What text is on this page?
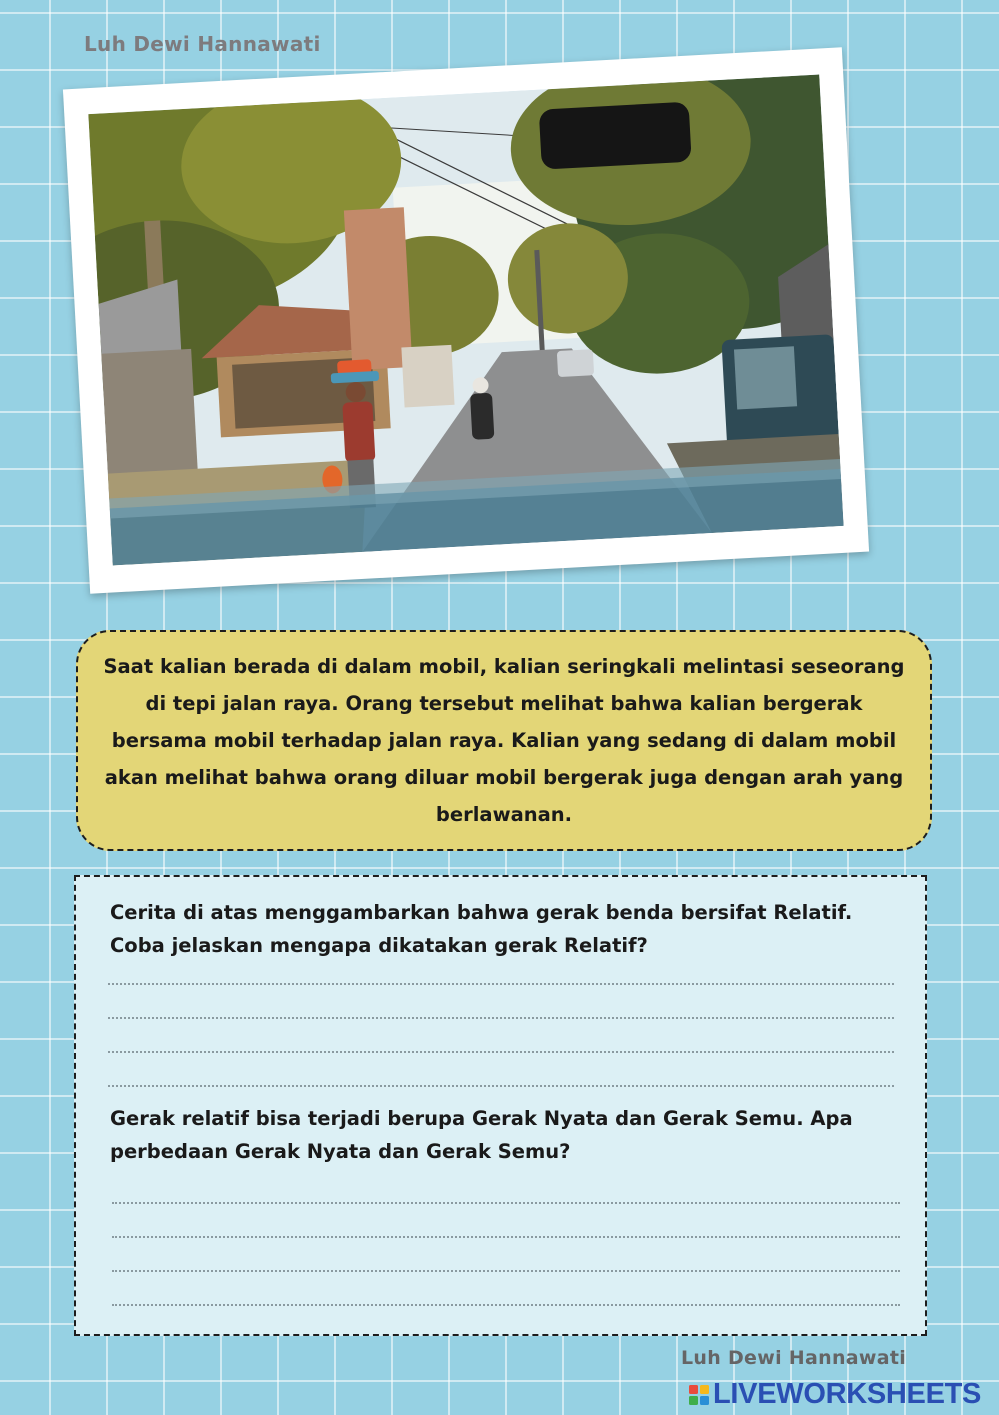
Luh Dewi Hannawati

Saat kalian berada di dalam mobil, kalian seringkali melintasi seseorang di tepi jalan raya. Orang tersebut melihat bahwa kalian bergerak bersama mobil terhadap jalan raya. Kalian yang sedang di dalam mobil akan melihat bahwa orang diluar mobil bergerak juga dengan arah yang berlawanan.

Cerita di atas menggambarkan bahwa gerak benda bersifat Relatif. Coba jelaskan mengapa dikatakan gerak Relatif?

Gerak relatif bisa terjadi berupa Gerak Nyata dan Gerak Semu. Apa perbedaan Gerak Nyata dan Gerak Semu?

Luh Dewi Hannawati
LIVEWORKSHEETS
